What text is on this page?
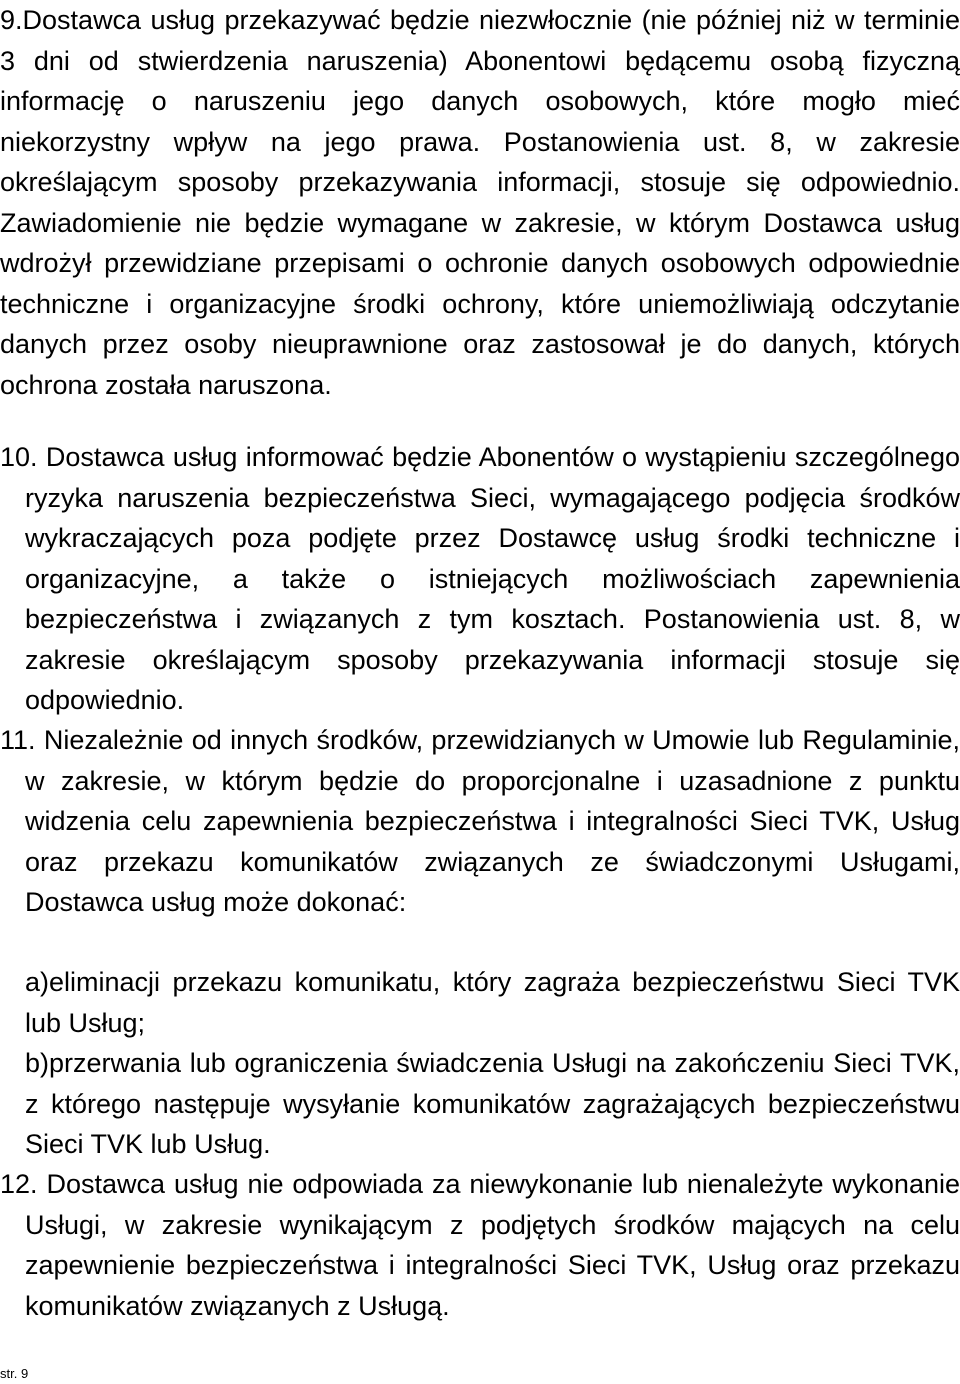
9.Dostawca usług przekazywać będzie niezwłocznie (nie później niż w terminie 3 dni od stwierdzenia naruszenia) Abonentowi będącemu osobą fizyczną informację o naruszeniu jego danych osobowych, które mogło mieć niekorzystny wpływ na jego prawa. Postanowienia ust. 8, w zakresie określającym sposoby przekazywania informacji, stosuje się odpowiednio. Zawiadomienie nie będzie wymagane w zakresie, w którym Dostawca usług wdrożył przewidziane przepisami o ochronie danych osobowych odpowiednie techniczne i organizacyjne środki ochrony, które uniemożliwiają odczytanie danych przez osoby nieuprawnione oraz zastosował je do danych, których ochrona została naruszona.

10. Dostawca usług informować będzie Abonentów o wystąpieniu szczególnego ryzyka naruszenia bezpieczeństwa Sieci, wymagającego podjęcia środków wykraczających poza podjęte przez Dostawcę usług środki techniczne i organizacyjne, a także o istniejących możliwościach zapewnienia bezpieczeństwa i związanych z tym kosztach. Postanowienia ust. 8, w zakresie określającym sposoby przekazywania informacji stosuje się odpowiednio.

11. Niezależnie od innych środków, przewidzianych w Umowie lub Regulaminie, w zakresie, w którym będzie do proporcjonalne i uzasadnione z punktu widzenia celu zapewnienia bezpieczeństwa i integralności Sieci TVK, Usług oraz przekazu komunikatów związanych ze świadczonymi Usługami, Dostawca usług może dokonać:

a)eliminacji przekazu komunikatu, który zagraża bezpieczeństwu Sieci TVK lub Usług;

b)przerwania lub ograniczenia świadczenia Usługi na zakończeniu Sieci TVK, z którego następuje wysyłanie komunikatów zagrażających bezpieczeństwu Sieci TVK lub Usług.

12. Dostawca usług nie odpowiada za niewykonanie lub nienależyte wykonanie Usługi, w zakresie wynikającym z podjętych środków mających na celu zapewnienie bezpieczeństwa i integralności Sieci TVK, Usług oraz przekazu komunikatów związanych z Usługą.

str. 9
